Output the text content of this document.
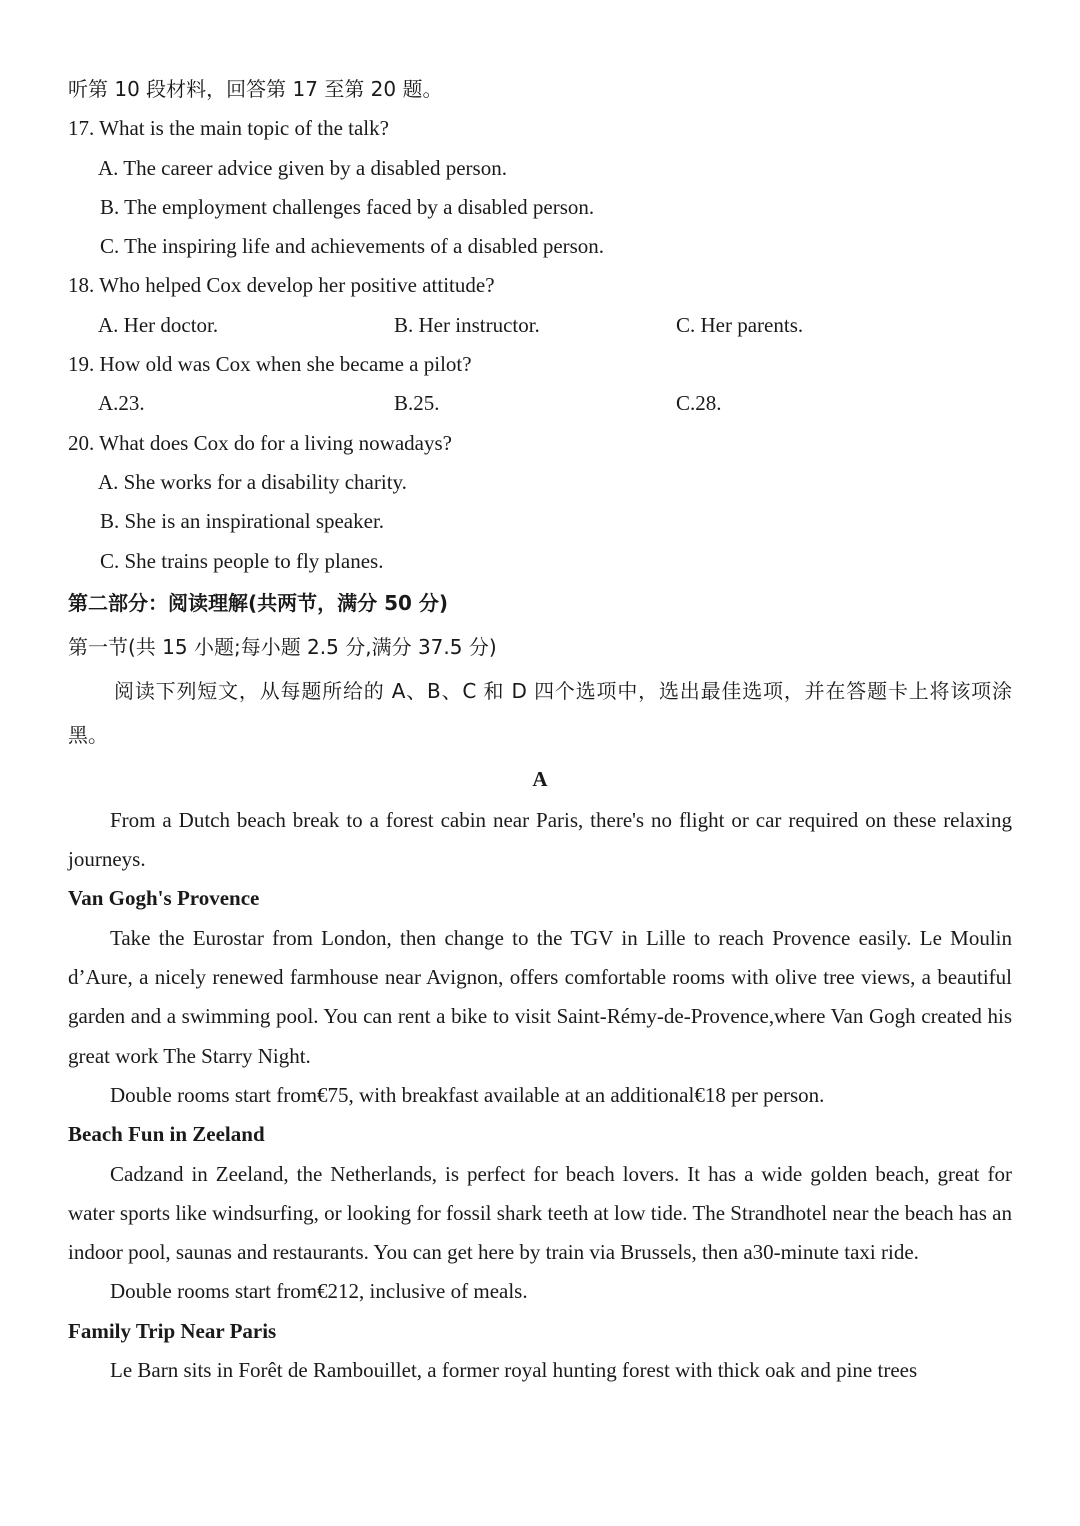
听第 10 段材料，回答第 17 至第 20 题。
17. What is the main topic of the talk?
A. The career advice given by a disabled person.
B. The employment challenges faced by a disabled person.
C. The inspiring life and achievements of a disabled person.
18. Who helped Cox develop her positive attitude?
A. Her doctor.	B. Her instructor.	C. Her parents.
19. How old was Cox when she became a pilot?
A.23.	B.25.	C.28.
20. What does Cox do for a living nowadays?
A. She works for a disability charity.
B. She is an inspirational speaker.
C. She trains people to fly planes.
第二部分：阅读理解(共两节，满分 50 分)
第一节(共 15 小题;每小题 2.5 分,满分 37.5 分)
阅读下列短文，从每题所给的 A、B、C 和 D 四个选项中，选出最佳选项，并在答题卡上将该项涂黑。
A
From a Dutch beach break to a forest cabin near Paris, there's no flight or car required on these relaxing journeys.
Van Gogh's Provence
Take the Eurostar from London, then change to the TGV in Lille to reach Provence easily. Le Moulin d’Aure, a nicely renewed farmhouse near Avignon, offers comfortable rooms with olive tree views, a beautiful garden and a swimming pool. You can rent a bike to visit Saint-Rémy-de-Provence,where Van Gogh created his great work The Starry Night.
Double rooms start from€75, with breakfast available at an additional€18 per person.
Beach Fun in Zeeland
Cadzand in Zeeland, the Netherlands, is perfect for beach lovers. It has a wide golden beach, great for water sports like windsurfing, or looking for fossil shark teeth at low tide. The Strandhotel near the beach has an indoor pool, saunas and restaurants. You can get here by train via Brussels, then a30-minute taxi ride.
Double rooms start from€212, inclusive of meals.
Family Trip Near Paris
Le Barn sits in Forêt de Rambouillet, a former royal hunting forest with thick oak and pine trees
